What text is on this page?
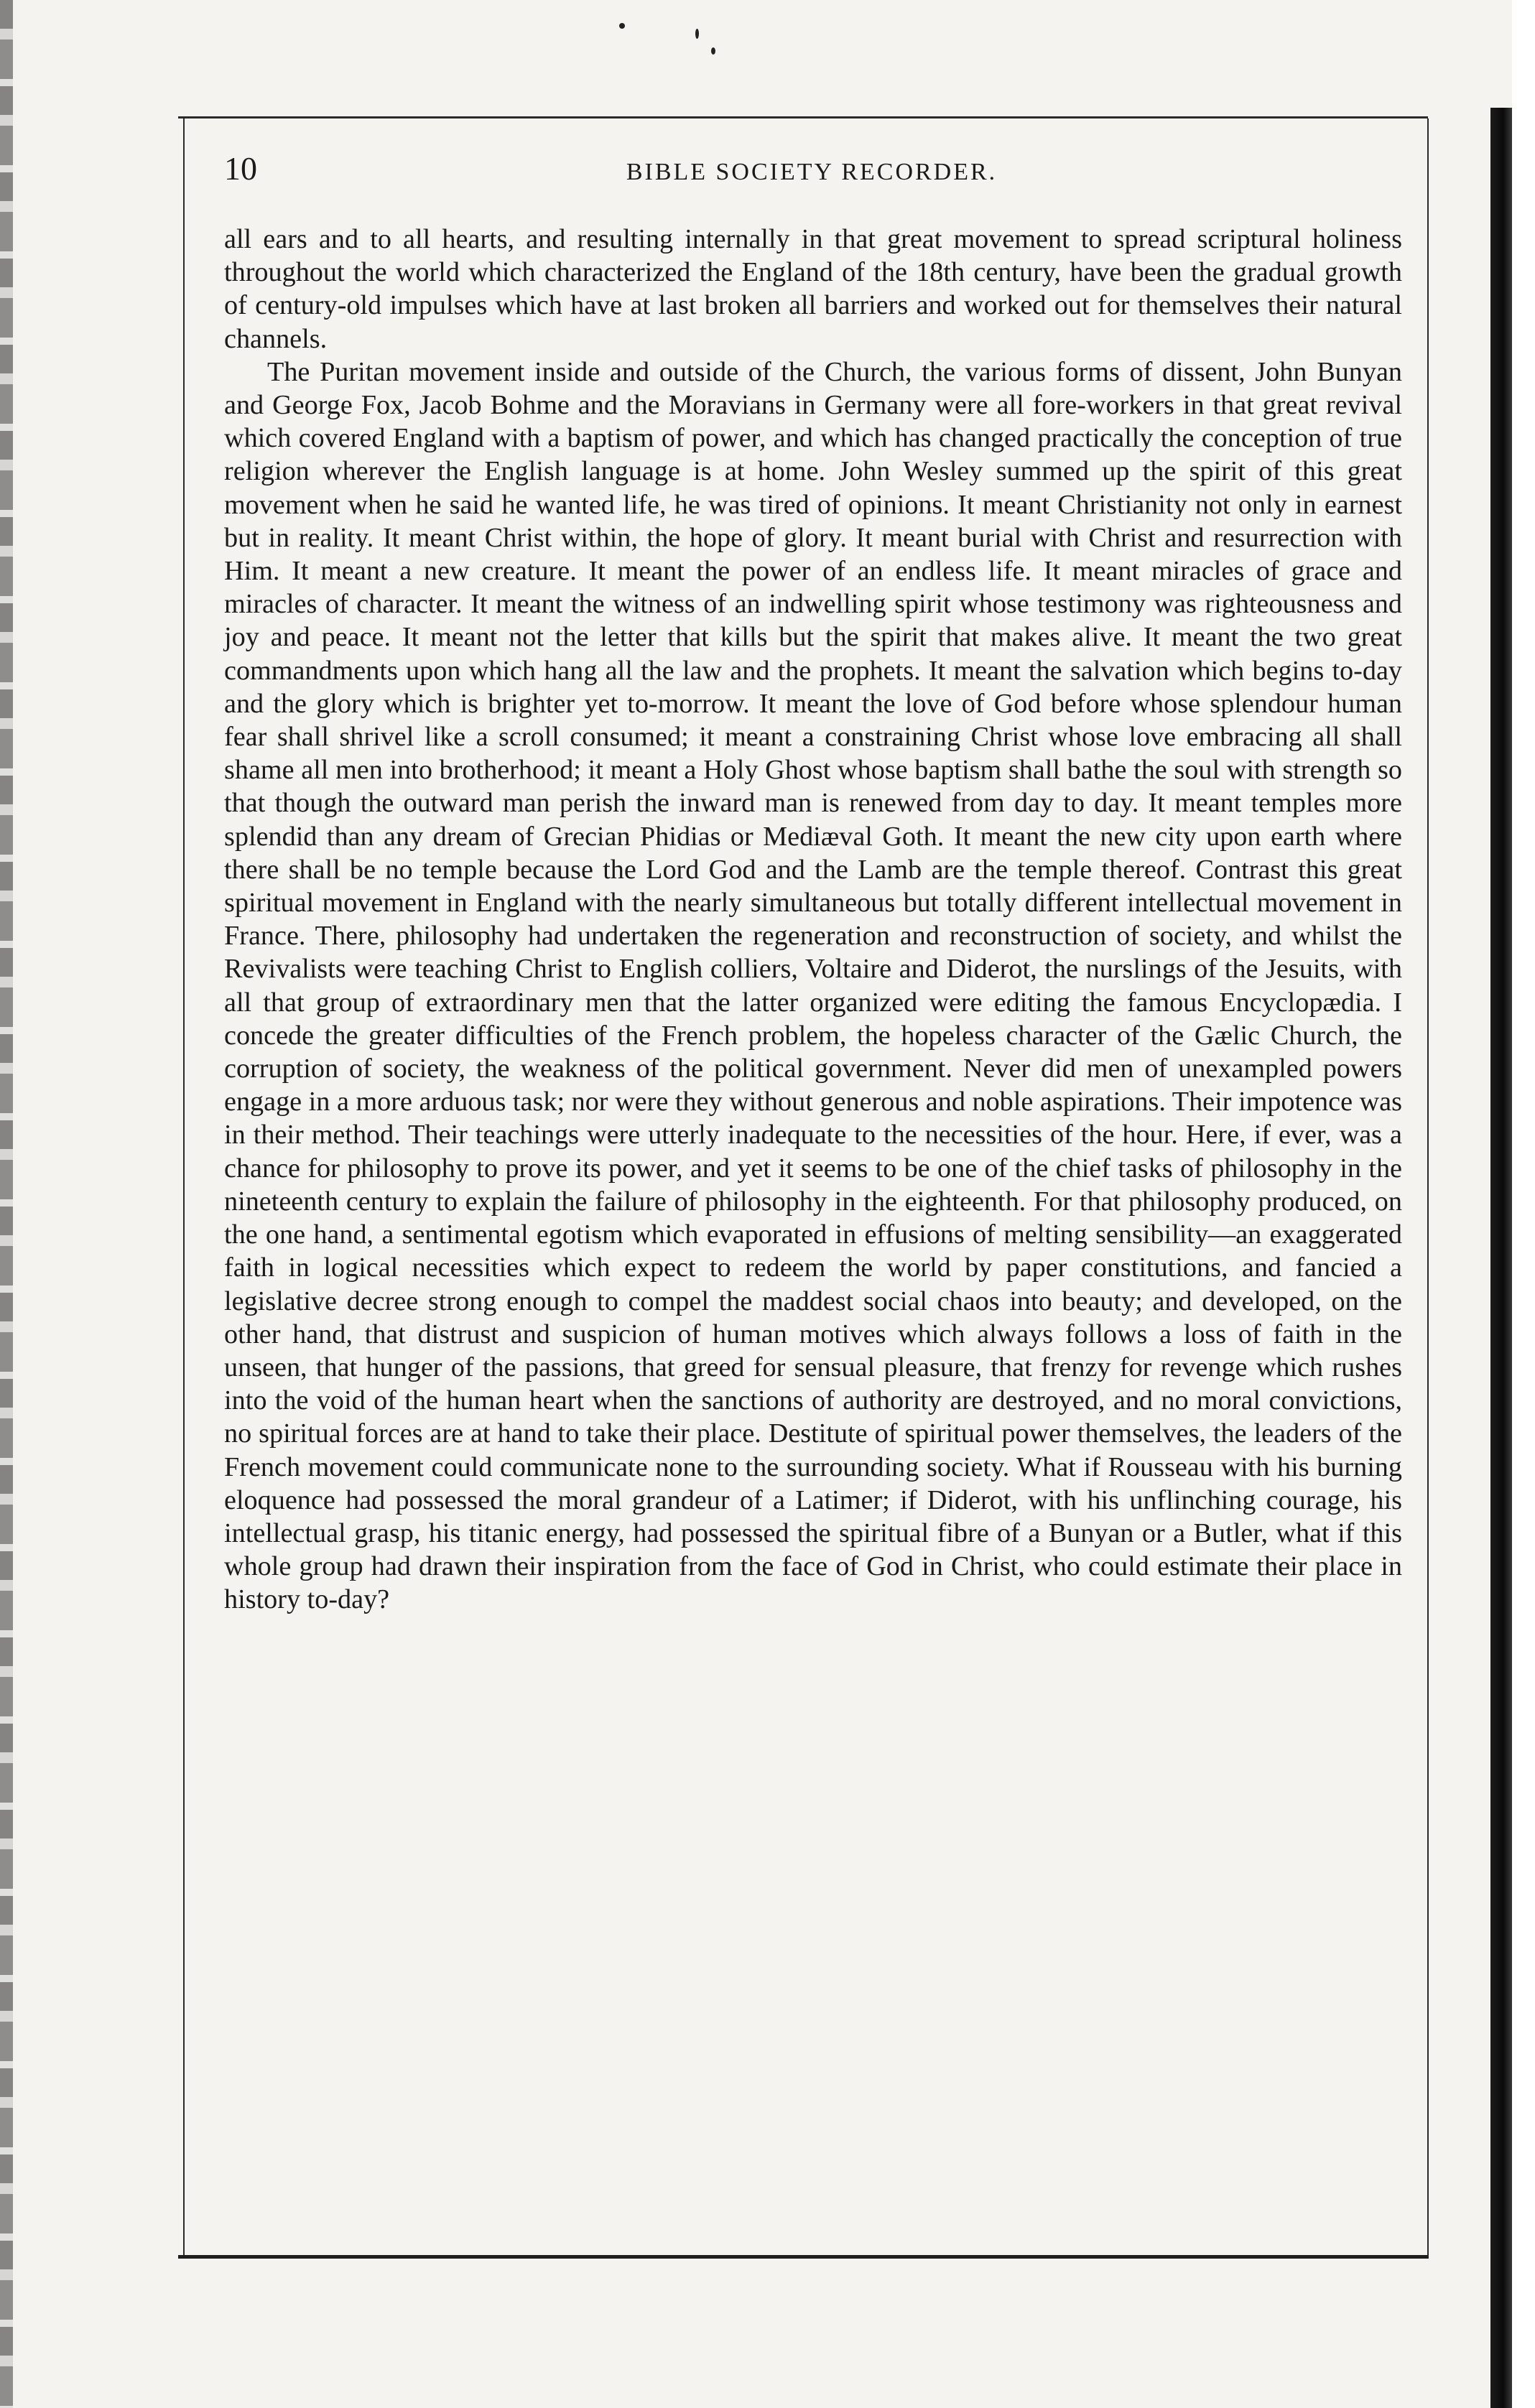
10	BIBLE SOCIETY RECORDER.

all ears and to all hearts, and resulting internally in that great movement to spread scriptural holiness throughout the world which characterized the England of the 18th century, have been the gradual growth of century-old impulses which have at last broken all barriers and worked out for themselves their natural channels.

The Puritan movement inside and outside of the Church, the various forms of dissent, John Bunyan and George Fox, Jacob Bohme and the Moravians in Germany were all fore-workers in that great revival which covered England with a baptism of power, and which has changed practically the conception of true religion wherever the English language is at home. John Wesley summed up the spirit of this great movement when he said he wanted life, he was tired of opinions. It meant Christianity not only in earnest but in reality. It meant Christ within, the hope of glory. It meant burial with Christ and resurrection with Him. It meant a new creature. It meant the power of an endless life. It meant miracles of grace and miracles of character. It meant the witness of an indwelling spirit whose testimony was righteousness and joy and peace. It meant not the letter that kills but the spirit that makes alive. It meant the two great commandments upon which hang all the law and the prophets. It meant the salvation which begins to-day and the glory which is brighter yet to-morrow. It meant the love of God before whose splendour human fear shall shrivel like a scroll consumed; it meant a constraining Christ whose love embracing all shall shame all men into brotherhood; it meant a Holy Ghost whose baptism shall bathe the soul with strength so that though the outward man perish the inward man is renewed from day to day. It meant temples more splendid than any dream of Grecian Phidias or Mediæval Goth. It meant the new city upon earth where there shall be no temple because the Lord God and the Lamb are the temple thereof. Contrast this great spiritual movement in England with the nearly simultaneous but totally different intellectual movement in France. There, philosophy had undertaken the regeneration and reconstruction of society, and whilst the Revivalists were teaching Christ to English colliers, Voltaire and Diderot, the nurslings of the Jesuits, with all that group of extraordinary men that the latter organized were editing the famous Encyclopædia. I concede the greater difficulties of the French problem, the hopeless character of the Gælic Church, the corruption of society, the weakness of the political government. Never did men of unexampled powers engage in a more arduous task; nor were they without generous and noble aspirations. Their impotence was in their method. Their teachings were utterly inadequate to the necessities of the hour. Here, if ever, was a chance for philosophy to prove its power, and yet it seems to be one of the chief tasks of philosophy in the nineteenth century to explain the failure of philosophy in the eighteenth. For that philosophy produced, on the one hand, a sentimental egotism which evaporated in effusions of melting sensibility—an exaggerated faith in logical necessities which expect to redeem the world by paper constitutions, and fancied a legislative decree strong enough to compel the maddest social chaos into beauty; and developed, on the other hand, that distrust and suspicion of human motives which always follows a loss of faith in the unseen, that hunger of the passions, that greed for sensual pleasure, that frenzy for revenge which rushes into the void of the human heart when the sanctions of authority are destroyed, and no moral convictions, no spiritual forces are at hand to take their place. Destitute of spiritual power themselves, the leaders of the French movement could communicate none to the surrounding society. What if Rousseau with his burning eloquence had possessed the moral grandeur of a Latimer; if Diderot, with his unflinching courage, his intellectual grasp, his titanic energy, had possessed the spiritual fibre of a Bunyan or a Butler, what if this whole group had drawn their inspiration from the face of God in Christ, who could estimate their place in history to-day?
